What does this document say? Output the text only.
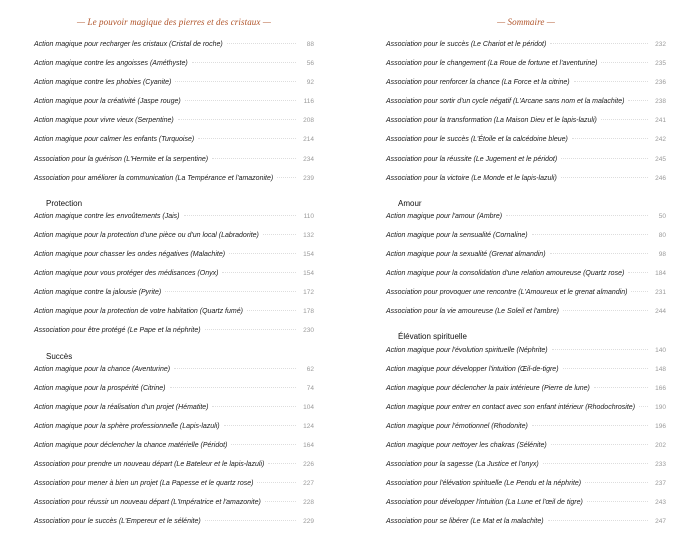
— Le pouvoir magique des pierres et des cristaux —
Action magique pour recharger les cristaux (Cristal de roche)	88
Action magique contre les angoisses (Améthyste)	56
Action magique contre les phobies (Cyanite)	92
Action magique pour la créativité (Jaspe rouge)	116
Action magique pour vivre vieux (Serpentine)	208
Action magique pour calmer les enfants (Turquoise)	214
Association pour la guérison (L'Hermite et la serpentine)	234
Association pour améliorer la communication (La Tempérance et l'amazonite)	239
Protection
Action magique contre les envoûtements (Jais)	110
Action magique pour la protection d'une pièce ou d'un local (Labradorite)	132
Action magique pour chasser les ondes négatives (Malachite)	154
Action magique pour vous protéger des médisances (Onyx)	154
Action magique contre la jalousie (Pyrite)	172
Action magique pour la protection de votre habitation (Quartz fumé)	178
Association pour être protégé (Le Pape et la néphrite)	230
Succès
Action magique pour la chance (Aventurine)	62
Action magique pour la prospérité (Citrine)	74
Action magique pour la réalisation d'un projet (Hématite)	104
Action magique pour la sphère professionnelle (Lapis-lazuli)	124
Action magique pour déclencher la chance matérielle (Péridot)	164
Association pour prendre un nouveau départ (Le Bateleur et le lapis-lazuli)	226
Association pour mener à bien un projet (La Papesse et le quartz rose)	227
Association pour réussir un nouveau départ (L'Impératrice et l'amazonite)	228
Association pour le succès (L'Empereur et le sélénite)	229
— Sommaire —
Association pour le succès (Le Chariot et le péridot)	232
Association pour le changement (La Roue de fortune et l'aventurine)	235
Association pour renforcer la chance (La Force et la citrine)	236
Association pour sortir d'un cycle négatif (L'Arcane sans nom et la malachite)	238
Association pour la transformation (La Maison Dieu et le lapis-lazuli)	241
Association pour le succès (L'Étoile et la calcédoine bleue)	242
Association pour la réussite (Le Jugement et le péridot)	245
Association pour la victoire (Le Monde et le lapis-lazuli)	246
Amour
Action magique pour l'amour (Ambre)	50
Action magique pour la sensualité (Cornaline)	80
Action magique pour la sexualité (Grenat almandin)	98
Action magique pour la consolidation d'une relation amoureuse (Quartz rose)	184
Association pour provoquer une rencontre (L'Amoureux et le grenat almandin)	231
Association pour la vie amoureuse (Le Soleil et l'ambre)	244
Élévation spirituelle
Action magique pour l'évolution spirituelle (Néphrite)	140
Action magique pour développer l'intuition (Œil-de-tigre)	148
Action magique pour déclencher la paix intérieure (Pierre de lune)	166
Action magique pour entrer en contact avec son enfant intérieur (Rhodochrosite)	190
Action magique pour l'émotionnel (Rhodonite)	196
Action magique pour nettoyer les chakras (Sélénite)	202
Association pour la sagesse (La Justice et l'onyx)	233
Association pour l'élévation spirituelle (Le Pendu et la néphrite)	237
Association pour développer l'intuition (La Lune et l'œil de tigre)	243
Association pour se libérer (Le Mat et la malachite)	247
